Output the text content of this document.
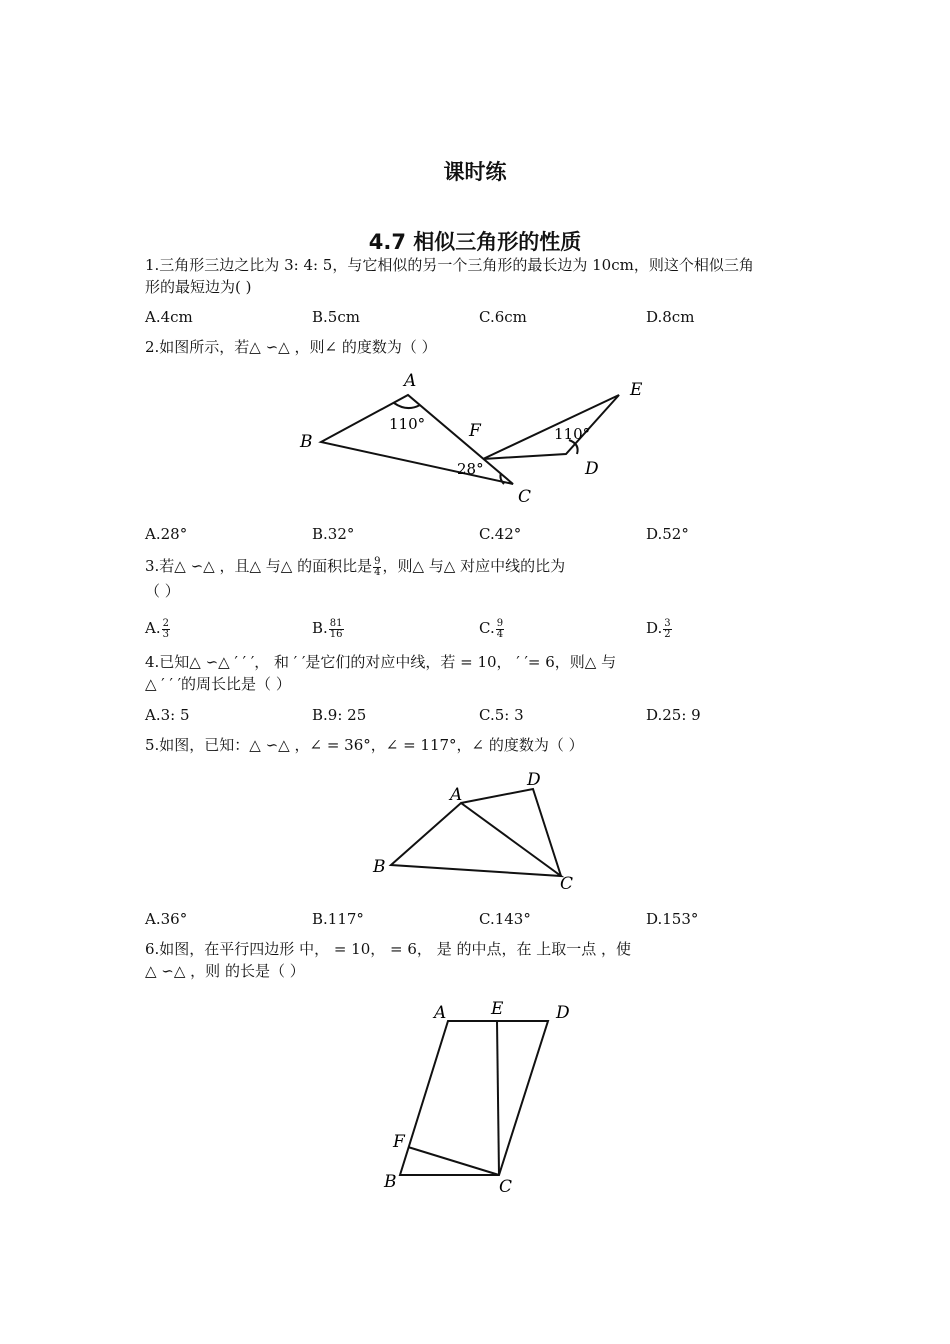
课时练
4.7 相似三角形的性质
1.三角形三边之比为 3: 4: 5，与它相似的另一个三角形的最长边为 10cm，则这个相似三角
形的最短边为( )
A.4cm	B.5cm	C.6cm	D.8cm
2.如图所示，若△ ∽△ ，则∠ 的度数为（ ）
A
B
C
D
E
F
110°
28°
110°
A.28°	B.32°	C.42°	D.52°
3.若△ ∽△ ，且△ 与△ 的面积比是 $\frac{9}{4}$ ，则△ 与△ 对应中线的比为
（ ）
A. $\frac{2}{3}$	B. $\frac{81}{16}$	C. $\frac{9}{4}$	D. $\frac{3}{2}$
4.已知△ ∽△ ′ ′ ′， 和 ′ ′是它们的对应中线，若 = 10， ′ ′= 6，则△ 与
△ ′ ′ ′的周长比是（ ）
A.3: 5	B.9: 25	C.5: 3	D.25: 9
5.如图，已知：△ ∽△ ，∠ = 36°，∠ = 117°，∠ 的度数为（ ）
A
B
C
D
A.36°	B.117°	C.143°	D.153°
6.如图，在平行四边形 中， = 10， = 6， 是 的中点，在 上取一点 ，使
△ ∽△ ，则 的长是（ ）
A
B	C
D
E
F
